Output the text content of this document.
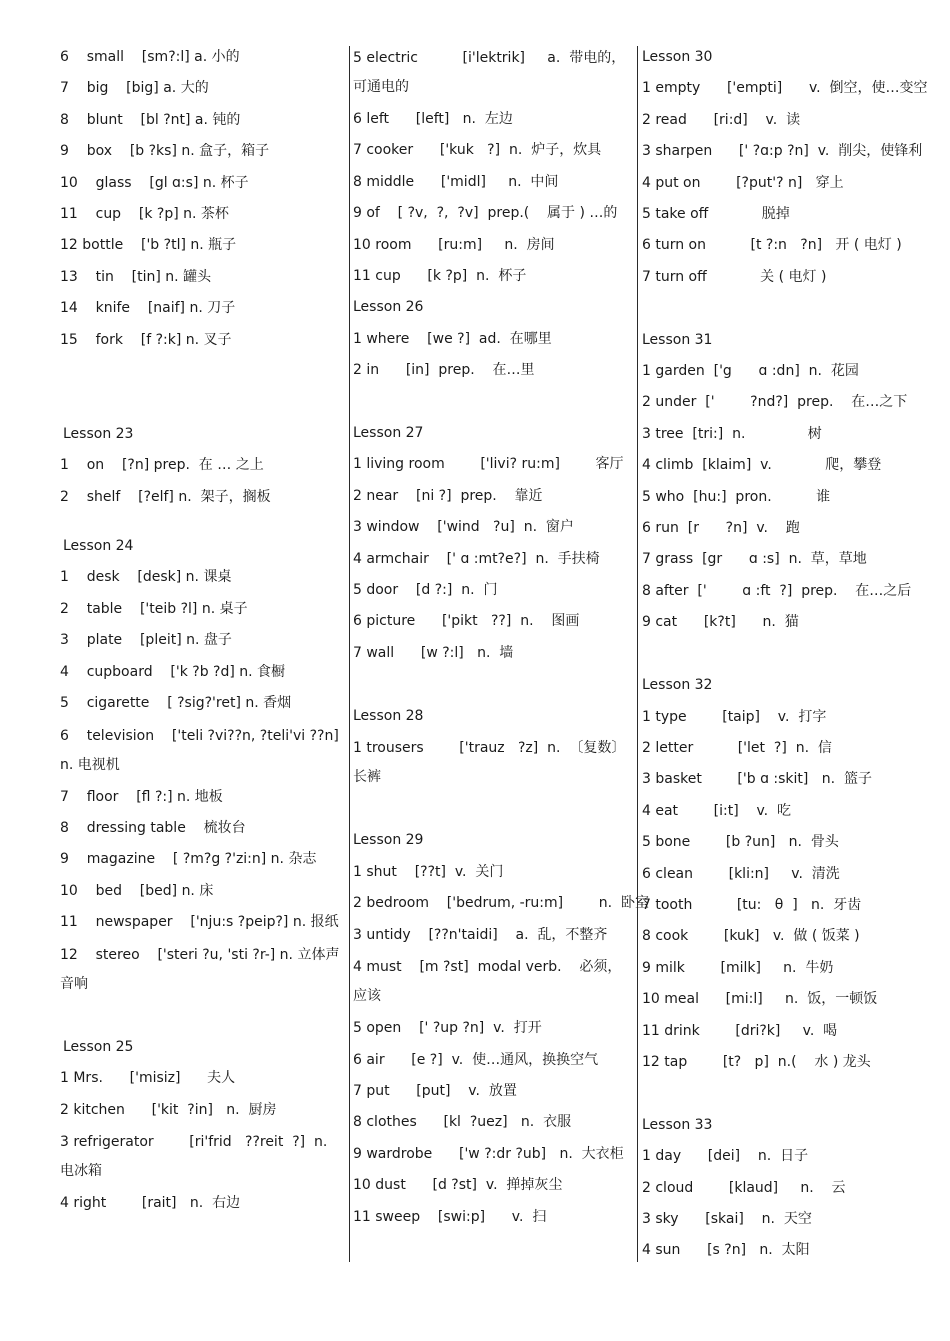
6    small    [sm?:l] a. 小的
7    big    [big] a. 大的
8    blunt    [bl ?nt] a. 钝的
9    box    [b ?ks] n. 盒子，箱子
10    glass    [gl ɑ:s] n. 杯子
11    cup    [k ?p] n. 茶杯
12 bottle    ['b ?tl] n. 瓶子
13    tin    [tin] n. 罐头
14    knife    [naif] n. 刀子
15    fork    [f ?:k] n. 叉子
Lesson 23
1    on    [?n] prep.  在 … 之上
2    shelf    [?elf] n.  架子，搁板
Lesson 24
1    desk    [desk] n. 课桌
2    table    ['teib ?l] n. 桌子
3    plate    [pleit] n. 盘子
4    cupboard    ['k ?b ?d] n. 食橱
5    cigarette    [ ?sig?'ret] n. 香烟
6    television    ['teli ?vi??n, ?teli'vi ??n] n. 电视机
7    floor    [fl ?:] n. 地板
8    dressing table    梳妆台
9    magazine    [ ?m?g ?'zi:n] n. 杂志
10    bed    [bed] n. 床
11    newspaper    ['nju:s ?peip?] n. 报纸
12    stereo    ['steri ?u, 'sti ?r-] n. 立体声音响
Lesson 25
1 Mrs.      ['misiz]      夫人
2 kitchen      ['kit  ?in]   n.  厨房
3 refrigerator        [ri'frid   ??reit  ?]  n.  电冰箱
4 right        [rait]   n.  右边
5 electric          [i'lektrik]     a.  带电的，可通电的
6 left      [left]   n.  左边
7 cooker      ['kuk   ?]  n.  炉子，炊具
8 middle      ['midl]     n.  中间
9 of    [ ?v,  ?,  ?v]  prep.(    属于 ) …的
10 room      [ru:m]     n.  房间
11 cup      [k ?p]  n.  杯子
Lesson 26
1 where    [we ?]  ad.  在哪里
2 in      [in]  prep.    在…里
Lesson 27
1 living room        ['livi? ru:m]        客厅
2 near    [ni ?]  prep.    靠近
3 window    ['wind   ?u]  n.  窗户
4 armchair    [' ɑ :mt?e?]  n.  手扶椅
5 door    [d ?:]  n.  门
6 picture      ['pikt   ??]  n.    图画
7 wall      [w ?:l]   n.  墙
Lesson 28
1 trousers        ['trauz   ?z]  n.  〔复数〕长裤
Lesson 29
1 shut    [??t]  v.  关门
2 bedroom    ['bedrum, -ru:m]        n.  卧室
3 untidy    [??n'taidi]    a.  乱，不整齐
4 must    [m ?st]  modal verb.    必须，应该
5 open    [' ?up ?n]  v.  打开
6 air      [e ?]  v.  使…通风，换换空气
7 put      [put]    v.  放置
8 clothes      [kl  ?uez]   n.  衣服
9 wardrobe      ['w ?:dr ?ub]   n.  大衣柜
10 dust      [d ?st]  v.  掸掉灰尘
11 sweep    [swi:p]      v.  扫
Lesson 30
1 empty      ['empti]      v.  倒空，使…变空
2 read      [ri:d]    v.  读
3 sharpen      [' ?ɑ:p ?n]  v.  削尖，使锋利
4 put on        [?put'? n]   穿上
5 take off            脱掉
6 turn on          [t ?:n   ?n]   开 ( 电灯 )
7 turn off            关 ( 电灯 )
Lesson 31
1 garden  ['g      ɑ :dn]  n.  花园
2 under  ['        ?nd?]  prep.    在…之下
3 tree  [tri:]  n.              树
4 climb  [klaim]  v.            爬，攀登
5 who  [hu:]  pron.          谁
6 run  [r      ?n]  v.    跑
7 grass  [gr      ɑ :s]  n.  草，草地
8 after  ['        ɑ :ft  ?]  prep.    在…之后
9 cat      [k?t]      n.  猫
Lesson 32
1 type        [taip]    v.  打字
2 letter          ['let  ?]  n.  信
3 basket        ['b ɑ :skit]   n.  篮子
4 eat        [i:t]    v.  吃
5 bone        [b ?un]   n.  骨头
6 clean        [kli:n]     v.  清洗
7 tooth          [tu:   θ  ]   n.  牙齿
8 cook        [kuk]   v.  做 ( 饭菜 )
9 milk        [milk]     n.  牛奶
10 meal      [mi:l]     n.  饭，一顿饭
11 drink        [dri?k]     v.  喝
12 tap        [t?   p]  n.(    水 ) 龙头
Lesson 33
1 day      [dei]    n.  日子
2 cloud        [klaud]     n.    云
3 sky      [skai]    n.  天空
4 sun      [s ?n]   n.  太阳
